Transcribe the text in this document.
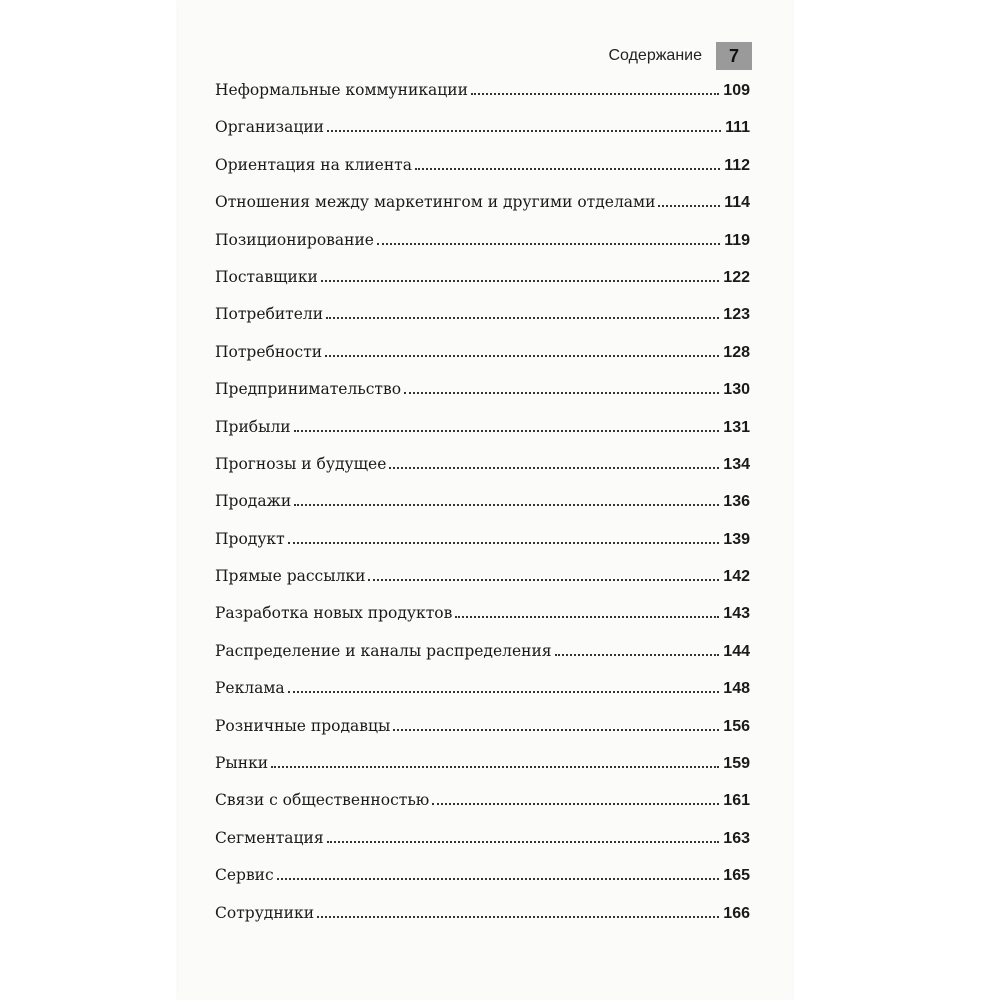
Содержание	7
Неформальные коммуникации	109
Организации	111
Ориентация на клиента	112
Отношения между маркетингом и другими отделами	114
Позиционирование	119
Поставщики	122
Потребители	123
Потребности	128
Предпринимательство	130
Прибыли	131
Прогнозы и будущее	134
Продажи	136
Продукт	139
Прямые рассылки	142
Разработка новых продуктов	143
Распределение и каналы распределения	144
Реклама	148
Розничные продавцы	156
Рынки	159
Связи с общественностью	161
Сегментация	163
Сервис	165
Сотрудники	166
